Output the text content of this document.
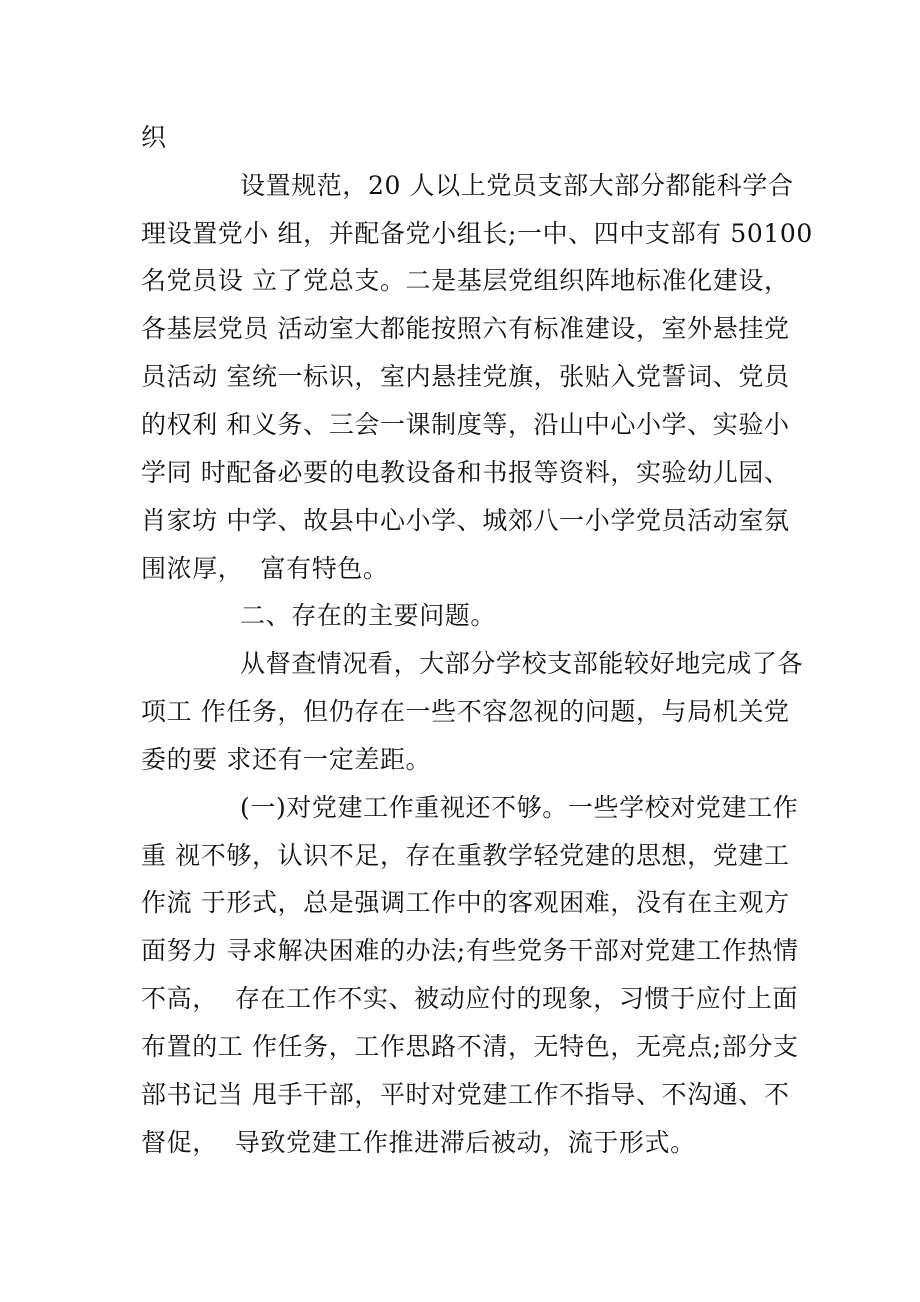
织
设置规范，20 人以上党员支部大部分都能科学合
理设置党小 组，并配备党小组长;一中、四中支部有 50100
名党员设 立了党总支。二是基层党组织阵地标准化建设，
各基层党员 活动室大都能按照六有标准建设，室外悬挂党
员活动 室统一标识，室内悬挂党旗，张贴入党誓词、党员
的权利 和义务、三会一课制度等，沿山中心小学、实验小
学同 时配备必要的电教设备和书报等资料，实验幼儿园、
肖家坊 中学、故县中心小学、城郊八一小学党员活动室氛
围浓厚，  富有特色。
二、存在的主要问题。
从督查情况看，大部分学校支部能较好地完成了各
项工 作任务，但仍存在一些不容忽视的问题，与局机关党
委的要 求还有一定差距。
(一)对党建工作重视还不够。一些学校对党建工作
重 视不够，认识不足，存在重教学轻党建的思想，党建工
作流 于形式，总是强调工作中的客观困难，没有在主观方
面努力 寻求解决困难的办法;有些党务干部对党建工作热情
不高，  存在工作不实、被动应付的现象，习惯于应付上面
布置的工 作任务，工作思路不清，无特色，无亮点;部分支
部书记当 甩手干部，平时对党建工作不指导、不沟通、不
督促，  导致党建工作推进滞后被动，流于形式。
